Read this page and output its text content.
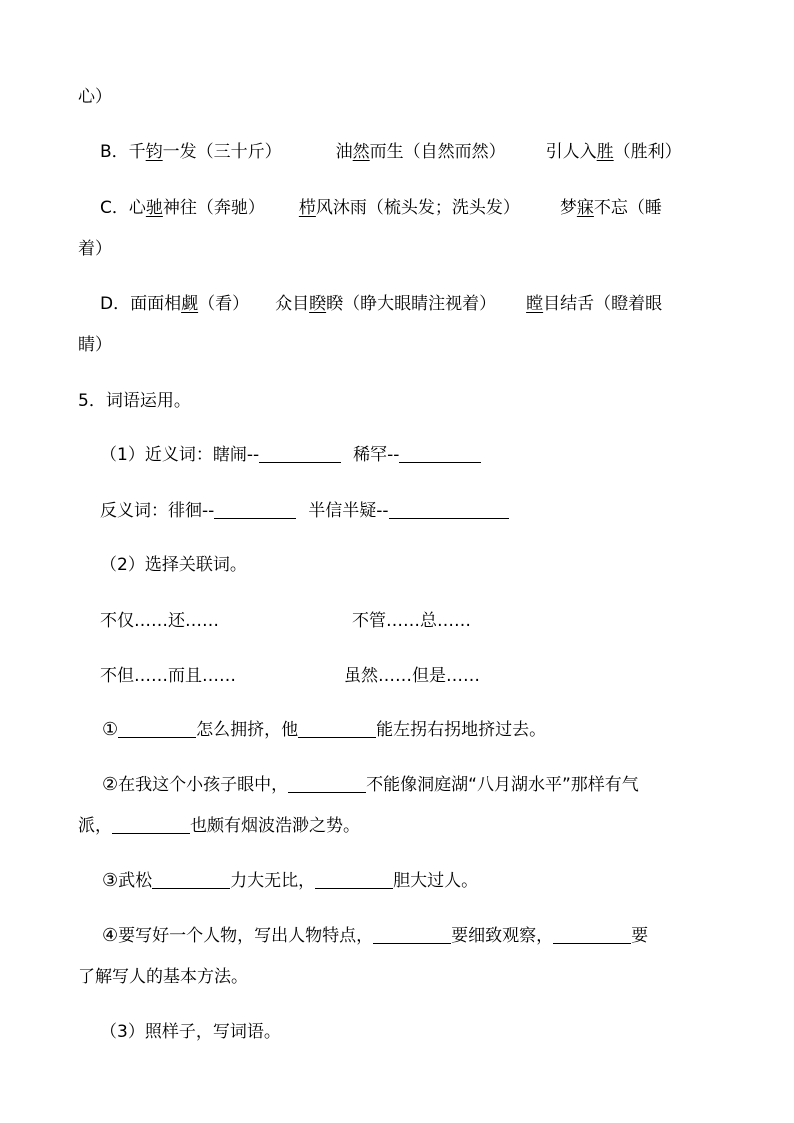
心）
B．千钧一发（三十斤）	油然而生（自然而然） 引人入胜（胜利）
C．心驰神往（奔驰） 栉风沐雨（梳头发；洗头发） 梦寐不忘（睡
着）
D．面面相觑（看） 众目睽睽（睁大眼睛注视着） 瞠目结舌（瞪着眼
睛）
5．词语运用。
（1）近义词：瞎闹--	稀罕--
反义词：徘徊--	半信半疑--
（2）选择关联词。
不仅……还……	不管……总……
不但……而且……	虽然……但是……
①	怎么拥挤，他	能左拐右拐地挤过去。
②在我这个小孩子眼中，	不能像洞庭湖“八月湖水平”那样有气
派，	也颇有烟波浩渺之势。
③武松	力大无比，	胆大过人。
④要写好一个人物，写出人物特点，	要细致观察，	要
了解写人的基本方法。
（3）照样子，写词语。
